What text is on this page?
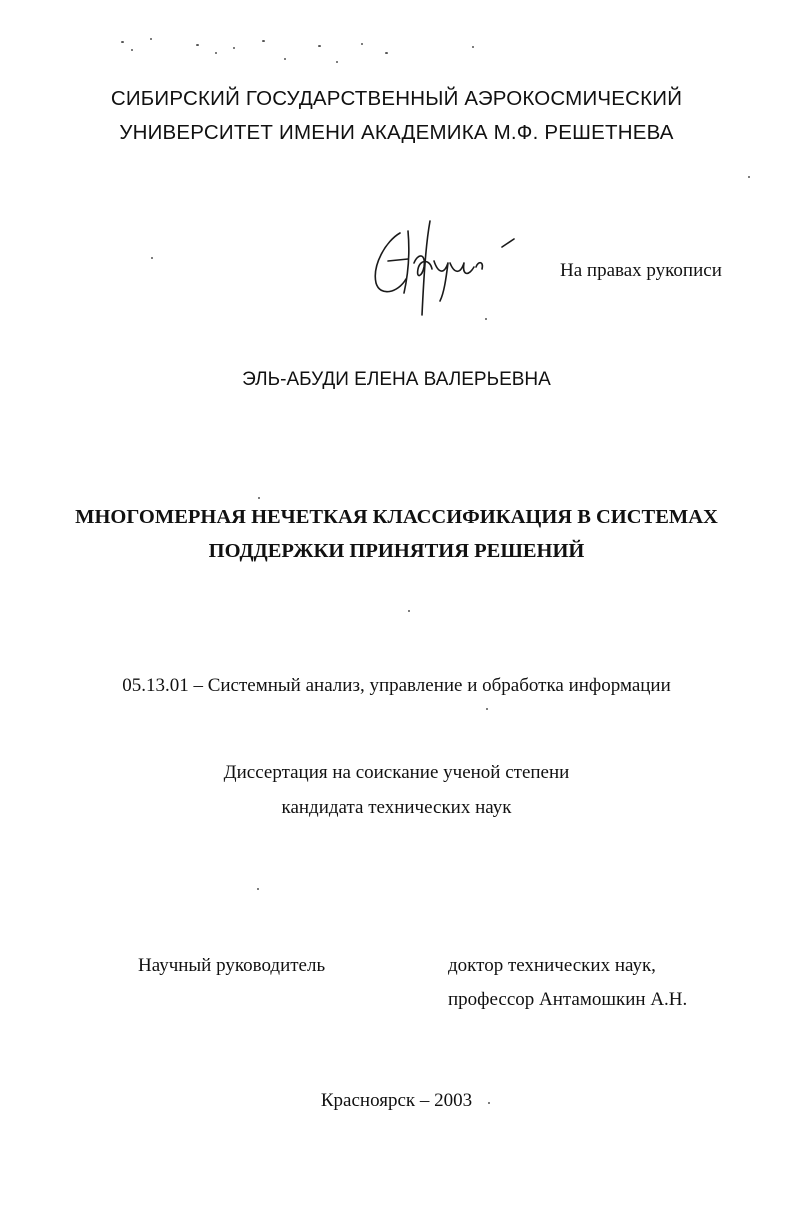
СИБИРСКИЙ ГОСУДАРСТВЕННЫЙ АЭРОКОСМИЧЕСКИЙ
УНИВЕРСИТЕТ ИМЕНИ АКАДЕМИКА М.Ф. РЕШЕТНЕВА
Эль-Абуди
На правах рукописи
ЭЛЬ-АБУДИ ЕЛЕНА ВАЛЕРЬЕВНА
МНОГОМЕРНАЯ НЕЧЕТКАЯ КЛАССИФИКАЦИЯ В СИСТЕМАХ
ПОДДЕРЖКИ ПРИНЯТИЯ РЕШЕНИЙ
05.13.01 – Системный анализ, управление и обработка информации
Диссертация на соискание ученой степени
кандидата технических наук
Научный руководитель	доктор технических наук,
профессор Антамошкин А.Н.
Красноярск – 2003
